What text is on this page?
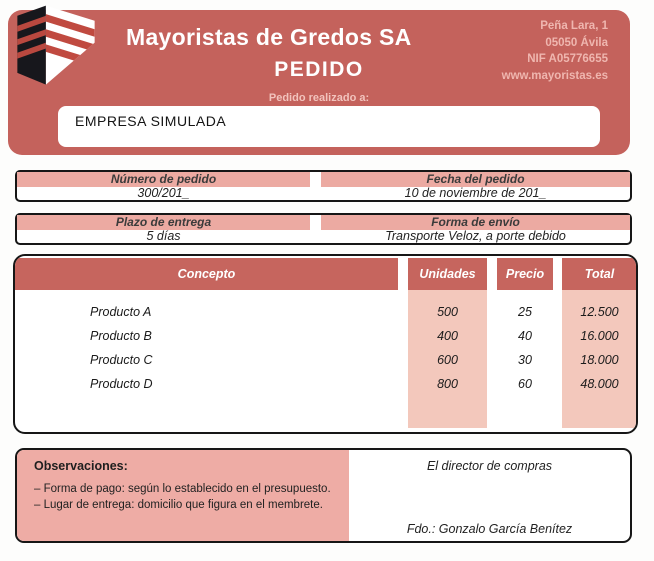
Mayoristas de Gredos SA	Peña Lara, 1
05050 Ávila
NIF A05776655
www.mayoristas.es
PEDIDO
Pedido realizado a:
EMPRESA SIMULADA
Número de pedido	Fecha del pedido
300/201_	10 de noviembre de 201_
Plazo de entrega	Forma de envío
5 días	Transporte Veloz, a porte debido
Concepto	Unidades	Precio	Total
Producto A	500	25	12.500
Producto B	400	40	16.000
Producto C	600	30	18.000
Producto D	800	60	48.000
Observaciones:
– Forma de pago: según lo establecido en el presupuesto.
– Lugar de entrega: domicilio que figura en el membrete.
El director de compras
Fdo.: Gonzalo García Benítez
